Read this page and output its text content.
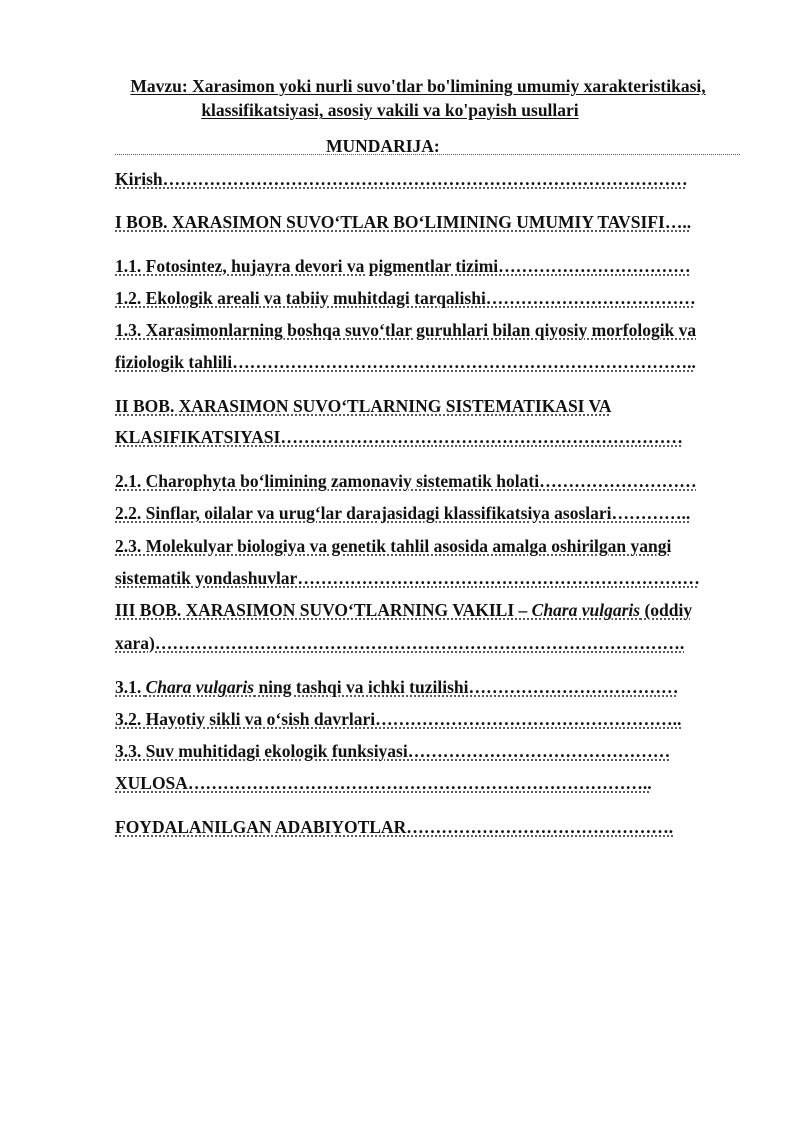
Mavzu: Xarasimon yoki nurli suvo'tlar bo'limining umumiy xarakteristikasi,
klassifikatsiyasi, asosiy vakili va ko'payish usullari
MUNDARIJA:
Kirish………………………………………………………………………………
I BOB. XARASIMON SUVO‘TLAR BO‘LIMINING UMUMIY TAVSIFI…..
1.1. Fotosintez, hujayra devori va pigmentlar tizimi……………………………
1.2. Ekologik areali va tabiiy muhitdagi tarqalishi………………………………
1.3. Xarasimonlarning boshqa suvo‘tlar guruhlari bilan qiyosiy morfologik va
fiziologik tahlili……………………………………………………………………..
II BOB. XARASIMON SUVO‘TLARNING SISTEMATIKASI VA
KLASIFIKATSIYASI……………………………………………………………
2.1. Charophyta bo‘limining zamonaviy sistematik holati………………………
2.2. Sinflar, oilalar va urug‘lar darajasidagi klassifikatsiya asoslari…………..
2.3. Molekulyar biologiya va genetik tahlil asosida amalga oshirilgan yangi
sistematik yondashuvlar……………………………………………………………
III BOB. XARASIMON SUVO‘TLARNING VAKILI – Chara vulgaris (oddiy
xara)……………………………………………………………………………….
3.1. Chara vulgaris ning tashqi va ichki tuzilishi………………………………
3.2. Hayotiy sikli va o‘sish davrlari……………………………………………..
3.3. Suv muhitidagi ekologik funksiyasi………………………………………
XULOSA……………………………………………………………………..
FOYDALANILGAN ADABIYOTLAR……………………………………….
